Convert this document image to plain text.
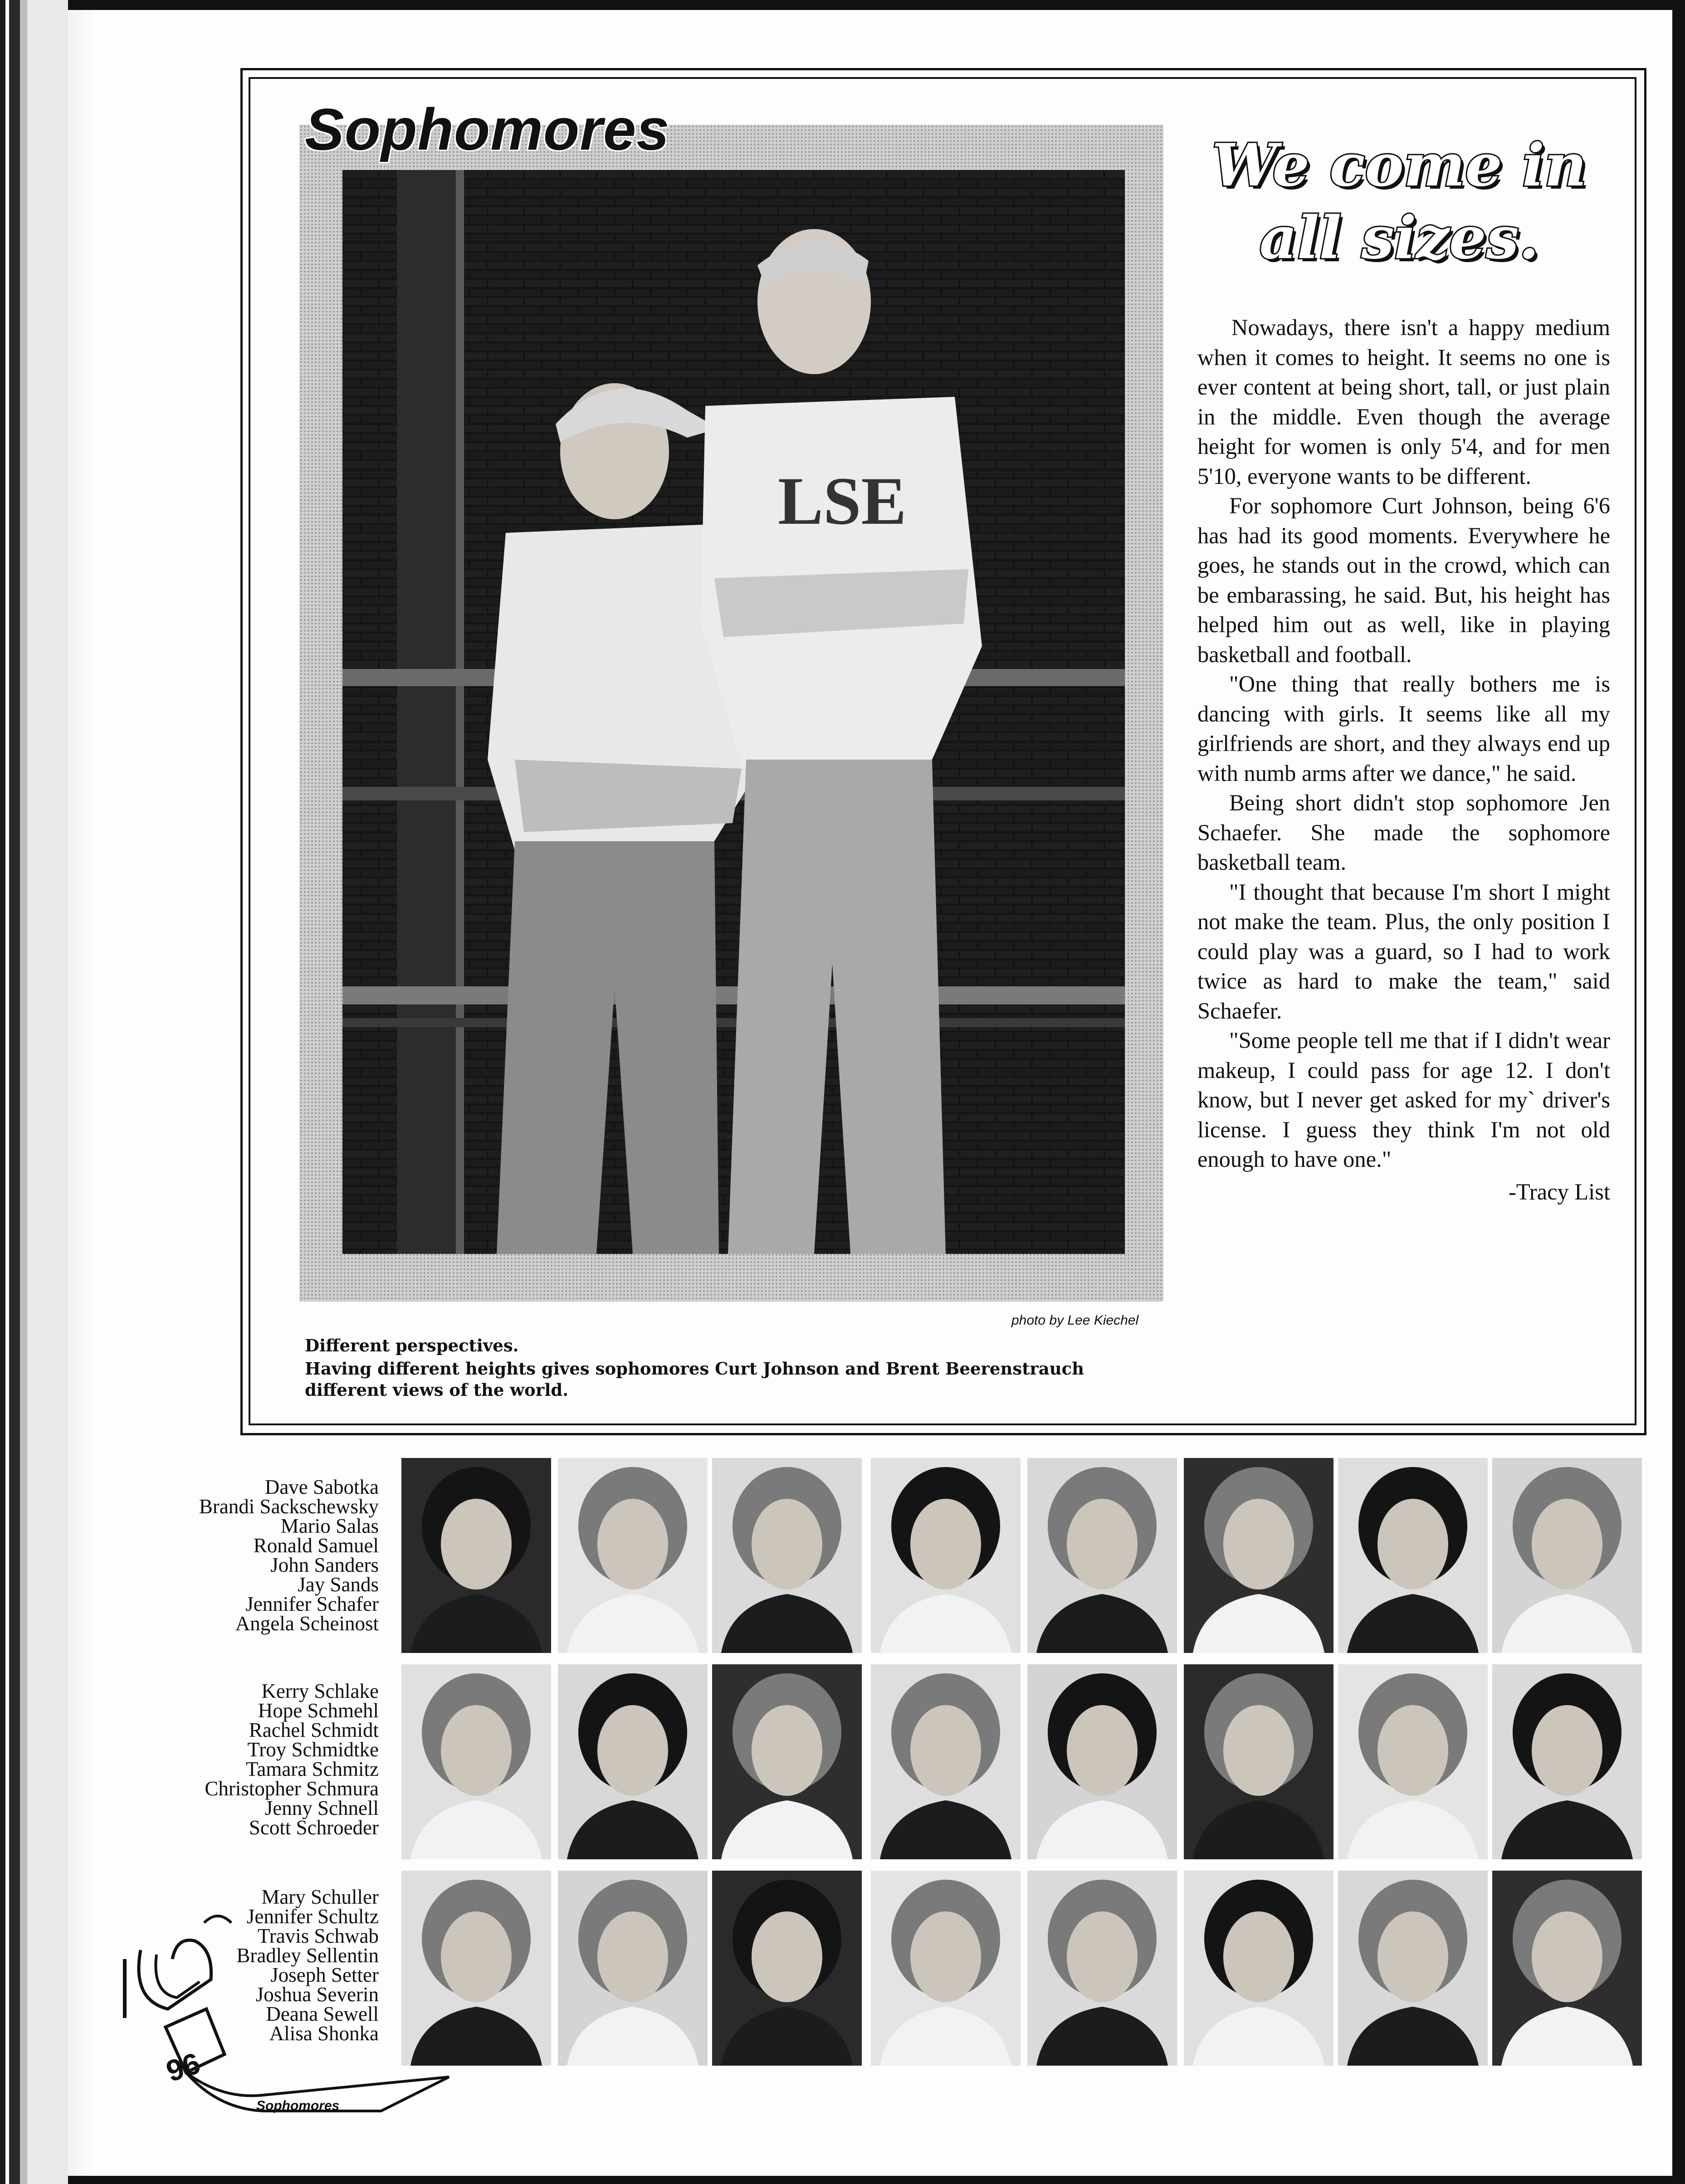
LSE
Sophomores
We come in
all sizes.

Nowadays, there isn't a happy medium when it comes to height. It seems no one is ever content at being short, tall, or just plain in the middle. Even though the average height for women is only 5'4, and for men 5'10, everyone wants to be different.

For sophomore Curt Johnson, being 6'6 has had its good moments. Everywhere he goes, he stands out in the crowd, which can be embarassing, he said. But, his height has helped him out as well, like in playing basketball and football.

"One thing that really bothers me is dancing with girls. It seems like all my girlfriends are short, and they always end up with numb arms after we dance," he said.

Being short didn't stop sophomore Jen Schaefer. She made the sophomore basketball team.

"I thought that because I'm short I might not make the team. Plus, the only position I could play was a guard, so I had to work twice as hard to make the team," said Schaefer.

"Some people tell me that if I didn't wear makeup, I could pass for age 12. I don't know, but I never get asked for my` driver's license. I guess they think I'm not old enough to have one."

-Tracy List

photo by Lee Kiechel
Different perspectives.
Having different heights gives sophomores Curt Johnson and Brent Beerenstrauch different views of the world.
Dave Sabotka
Brandi Sackschewsky
Mario Salas
Ronald Samuel
John Sanders
Jay Sands
Jennifer Schafer
Angela Scheinost
Kerry Schlake
Hope Schmehl
Rachel Schmidt
Troy Schmidtke
Tamara Schmitz
Christopher Schmura
Jenny Schnell
Scott Schroeder
Mary Schuller
Jennifer Schultz
Travis Schwab
Bradley Sellentin
Joseph Setter
Joshua Severin
Deana Sewell
Alisa Shonka
96
Sophomores
